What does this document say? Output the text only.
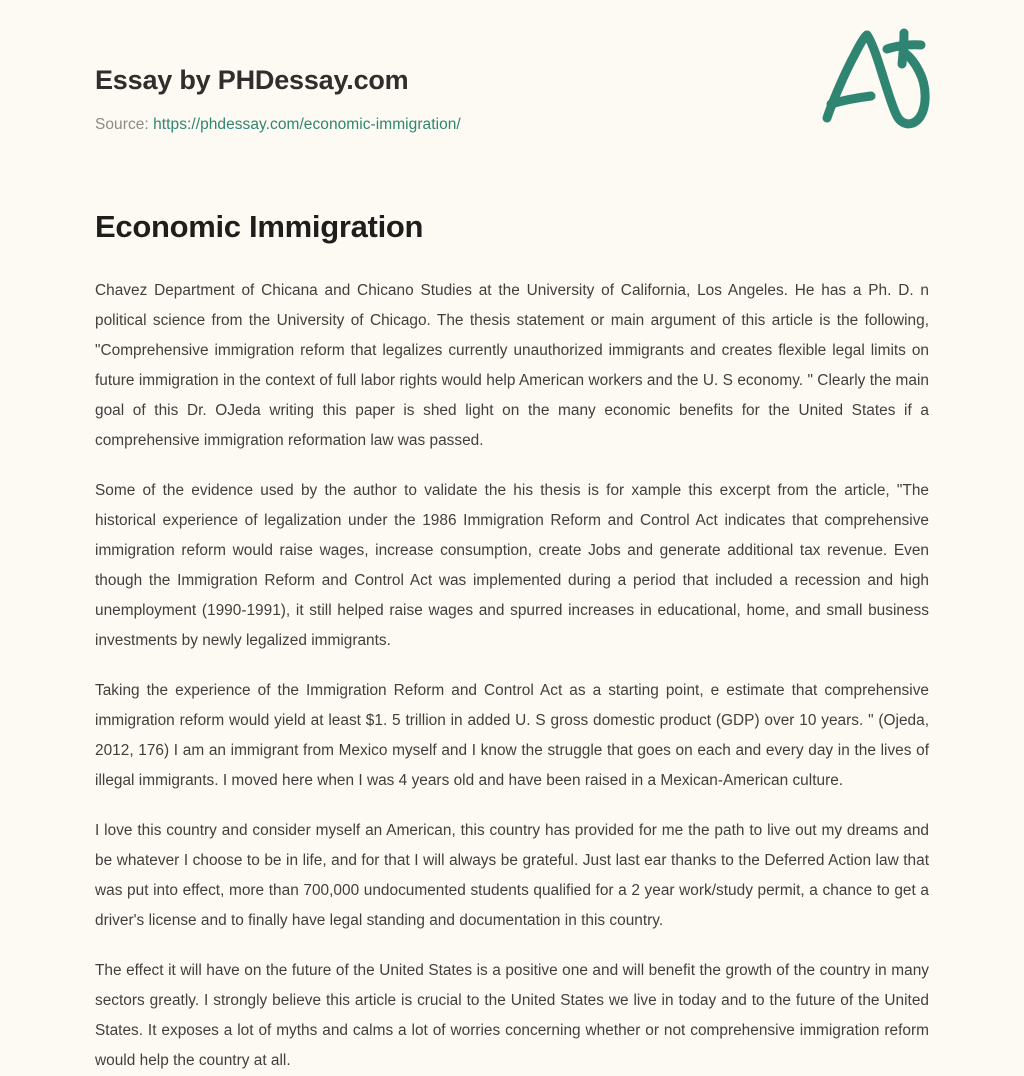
Essay by PHDessay.com
Source: https://phdessay.com/economic-immigration/
Economic Immigration

Chavez Department of Chicana and Chicano Studies at the University of California, Los Angeles. He has a Ph. D. n political science from the University of Chicago. The thesis statement or main argument of this article is the following, "Comprehensive immigration reform that legalizes currently unauthorized immigrants and creates flexible legal limits on future immigration in the context of full labor rights would help American workers and the U. S economy. " Clearly the main goal of this Dr. OJeda writing this paper is shed light on the many economic benefits for the United States if a comprehensive immigration reformation law was passed.

Some of the evidence used by the author to validate the his thesis is for xample this excerpt from the article, "The historical experience of legalization under the 1986 Immigration Reform and Control Act indicates that comprehensive immigration reform would raise wages, increase consumption, create Jobs and generate additional tax revenue. Even though the Immigration Reform and Control Act was implemented during a period that included a recession and high unemployment (1990-1991), it still helped raise wages and spurred increases in educational, home, and small business investments by newly legalized immigrants.

Taking the experience of the Immigration Reform and Control Act as a starting point, e estimate that comprehensive immigration reform would yield at least $1. 5 trillion in added U. S gross domestic product (GDP) over 10 years. " (Ojeda, 2012, 176) I am an immigrant from Mexico myself and I know the struggle that goes on each and every day in the lives of illegal immigrants. I moved here when I was 4 years old and have been raised in a Mexican-American culture.

I love this country and consider myself an American, this country has provided for me the path to live out my dreams and be whatever I choose to be in life, and for that I will always be grateful. Just last ear thanks to the Deferred Action law that was put into effect, more than 700,000 undocumented students qualified for a 2 year work/study permit, a chance to get a driver's license and to finally have legal standing and documentation in this country.

The effect it will have on the future of the United States is a positive one and will benefit the growth of the country in many sectors greatly. I strongly believe this article is crucial to the United States we live in today and to the future of the United States. It exposes a lot of myths and calms a lot of worries concerning whether or not comprehensive immigration reform would help the country at all.
